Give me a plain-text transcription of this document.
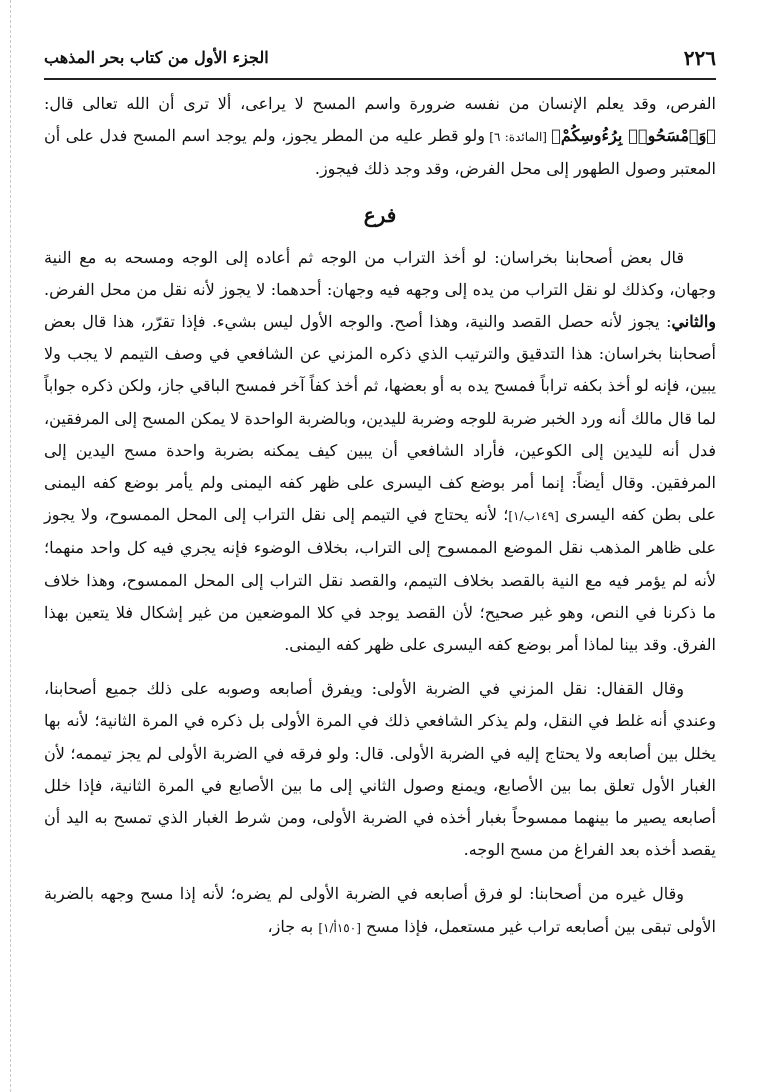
٢٢٦
الجزء الأول من كتاب بحر المذهب

الفرص، وقد يعلم الإنسان من نفسه ضرورة واسم المسح لا يراعى، ألا ترى أن الله تعالى قال: ﴿وَٱمْسَحُوا۟ بِرُءُوسِكُمْ﴾ [المائدة: ٦] ولو قطر عليه من المطر يجوز، ولم يوجد اسم المسح فدل على أن المعتبر وصول الطهور إلى محل الفرض، وقد وجد ذلك فيجوز.

فرع

قال بعض أصحابنا بخراسان: لو أخذ التراب من الوجه ثم أعاده إلى الوجه ومسحه به مع النية وجهان، وكذلك لو نقل التراب من يده إلى وجهه فيه وجهان: أحدهما: لا يجوز لأنه نقل من محل الفرض. والثاني: يجوز لأنه حصل القصد والنية، وهذا أصح. والوجه الأول ليس بشيء. فإذا تقرّر، هذا قال بعض أصحابنا بخراسان: هذا التدقيق والترتيب الذي ذكره المزني عن الشافعي في وصف التيمم لا يجب ولا يبين، فإنه لو أخذ بكفه تراباً فمسح يده به أو بعضها، ثم أخذ كفاً آخر فمسح الباقي جاز، ولكن ذكره جواباً لما قال مالك أنه ورد الخبر ضربة للوجه وضربة لليدين، وبالضربة الواحدة لا يمكن المسح إلى المرفقين، فدل أنه لليدين إلى الكوعين، فأراد الشافعي أن يبين كيف يمكنه بضربة واحدة مسح اليدين إلى المرفقين. وقال أيضاً: إنما أمر بوضع كف اليسرى على ظهر كفه اليمنى ولم يأمر بوضع كفه اليمنى على بطن كفه اليسرى [١٤٩ب/١]؛ لأنه يحتاج في التيمم إلى نقل التراب إلى المحل الممسوح، ولا يجوز على ظاهر المذهب نقل الموضع الممسوح إلى التراب، بخلاف الوضوء فإنه يجري فيه كل واحد منهما؛ لأنه لم يؤمر فيه مع النية بالقصد بخلاف التيمم، والقصد نقل التراب إلى المحل الممسوح، وهذا خلاف ما ذكرنا في النص، وهو غير صحيح؛ لأن القصد يوجد في كلا الموضعين من غير إشكال فلا يتعين بهذا الفرق. وقد بينا لماذا أمر بوضع كفه اليسرى على ظهر كفه اليمنى.

وقال القفال: نقل المزني في الضربة الأولى: ويفرق أصابعه وصوبه على ذلك جميع أصحابنا، وعندي أنه غلط في النقل، ولم يذكر الشافعي ذلك في المرة الأولى بل ذكره في المرة الثانية؛ لأنه بها يخلل بين أصابعه ولا يحتاج إليه في الضربة الأولى. قال: ولو فرقه في الضربة الأولى لم يجز تيممه؛ لأن الغبار الأول تعلق بما بين الأصابع، ويمنع وصول الثاني إلى ما بين الأصابع في المرة الثانية، فإذا خلل أصابعه يصير ما بينهما ممسوحاً بغبار أخذه في الضربة الأولى، ومن شرط الغبار الذي تمسح به اليد أن يقصد أخذه بعد الفراغ من مسح الوجه.

وقال غيره من أصحابنا: لو فرق أصابعه في الضربة الأولى لم يضره؛ لأنه إذا مسح وجهه بالضربة الأولى تبقى بين أصابعه تراب غير مستعمل، فإذا مسح [١٥٠أ/١] به جاز،
